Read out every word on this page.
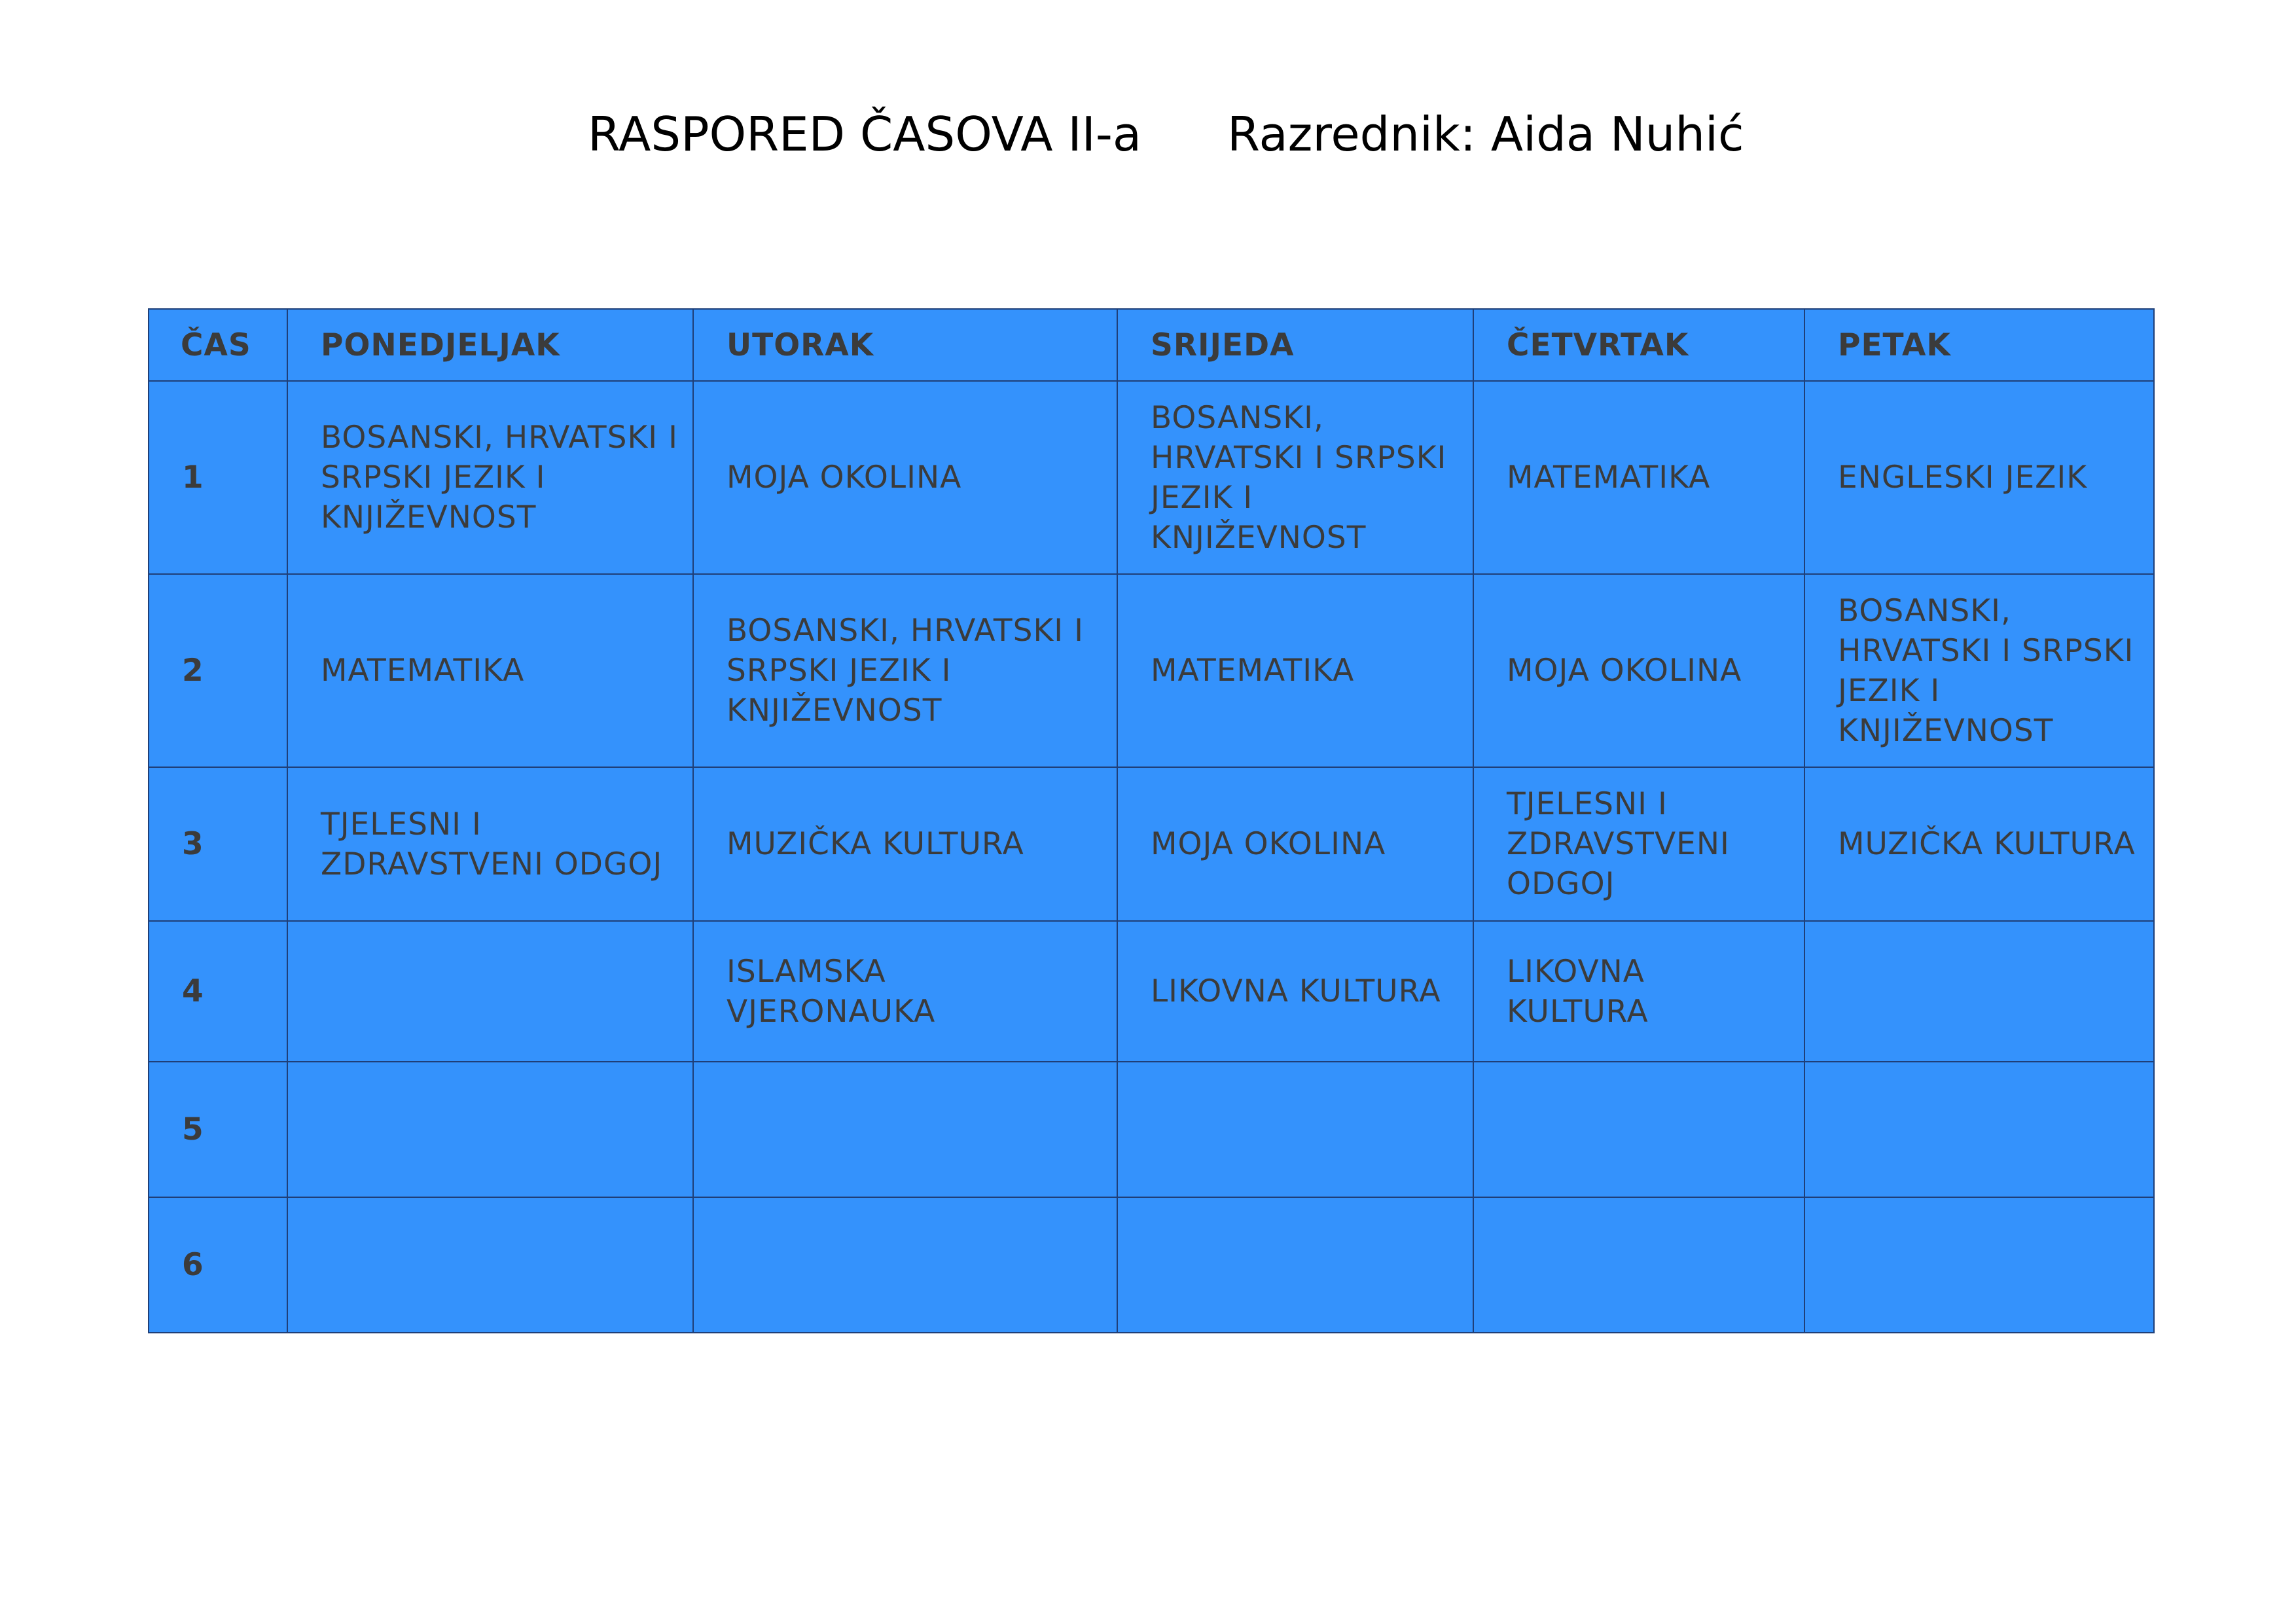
RASPORED ČASOVA II-a Razrednik: Aida Nuhić
ČAS	PONEDJELJAK	UTORAK	SRIJEDA	ČETVRTAK	PETAK
1	BOSANSKI, HRVATSKI I SRPSKI JEZIK I KNJIŽEVNOST	MOJA OKOLINA	BOSANSKI, HRVATSKI I SRPSKI JEZIK I KNJIŽEVNOST	MATEMATIKA	ENGLESKI JEZIK
2	MATEMATIKA	BOSANSKI, HRVATSKI I SRPSKI JEZIK I KNJIŽEVNOST	MATEMATIKA	MOJA OKOLINA	BOSANSKI, HRVATSKI I SRPSKI JEZIK I KNJIŽEVNOST
3	TJELESNI I ZDRAVSTVENI ODGOJ	MUZIČKA KULTURA	MOJA OKOLINA	TJELESNI I ZDRAVSTVENI ODGOJ	MUZIČKA KULTURA
4		ISLAMSKA VJERONAUKA	LIKOVNA KULTURA	LIKOVNA KULTURA	
5					
6					
